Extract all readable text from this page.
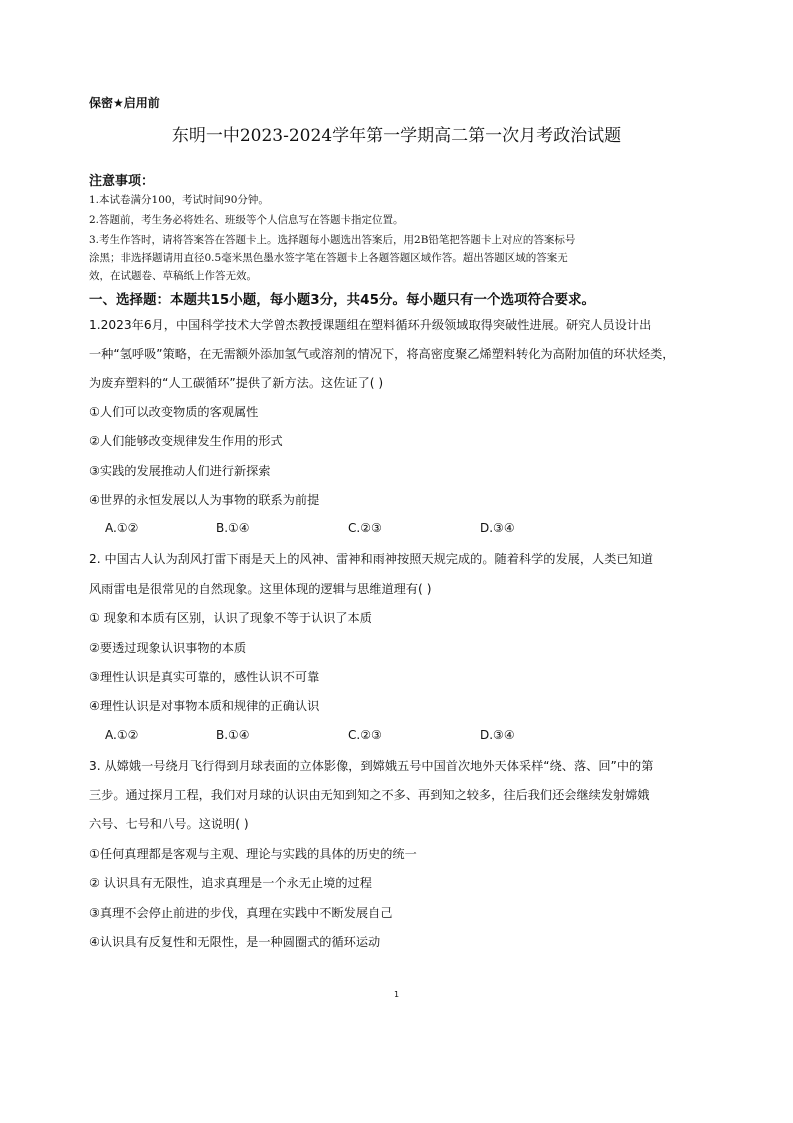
保密★启用前
东明一中2023-2024学年第一学期高二第一次月考政治试题
注意事项：
1.本试卷满分100，考试时间90分钟。
2.答题前，考生务必将姓名、班级等个人信息写在答题卡指定位置。
3.考生作答时，请将答案答在答题卡上。选择题每小题选出答案后，用2B铅笔把答题卡上对应的答案标号
涂黑；非选择题请用直径0.5毫米黑色墨水签字笔在答题卡上各题答题区域作答。超出答题区域的答案无
效，在试题卷、草稿纸上作答无效。
一、选择题：本题共15小题，每小题3分，共45分。每小题只有一个选项符合要求。
1.2023年6月，中国科学技术大学曾杰教授课题组在塑料循环升级领域取得突破性进展。研究人员设计出
一种“氢呼吸”策略，在无需额外添加氢气或溶剂的情况下，将高密度聚乙烯塑料转化为高附加值的环状烃类，
为废弃塑料的“人工碳循环”提供了新方法。这佐证了( )
①人们可以改变物质的客观属性
②人们能够改变规律发生作用的形式
③实践的发展推动人们进行新探索
④世界的永恒发展以人为事物的联系为前提
A.①②	B.①④	C.②③	D.③④
2. 中国古人认为刮风打雷下雨是天上的风神、雷神和雨神按照天规完成的。随着科学的发展，人类已知道
风雨雷电是很常见的自然现象。这里体现的逻辑与思维道理有( )
① 现象和本质有区别，认识了现象不等于认识了本质
②要透过现象认识事物的本质
③理性认识是真实可靠的，感性认识不可靠
④理性认识是对事物本质和规律的正确认识
A.①②	B.①④	C.②③	D.③④
3. 从嫦娥一号绕月飞行得到月球表面的立体影像，到嫦娥五号中国首次地外天体采样“绕、落、回”中的第
三步。通过探月工程，我们对月球的认识由无知到知之不多、再到知之较多，往后我们还会继续发射嫦娥
六号、七号和八号。这说明( )
①任何真理都是客观与主观、理论与实践的具体的历史的统一
② 认识具有无限性，追求真理是一个永无止境的过程
③真理不会停止前进的步伐，真理在实践中不断发展自己
④认识具有反复性和无限性，是一种圆圈式的循环运动
1
